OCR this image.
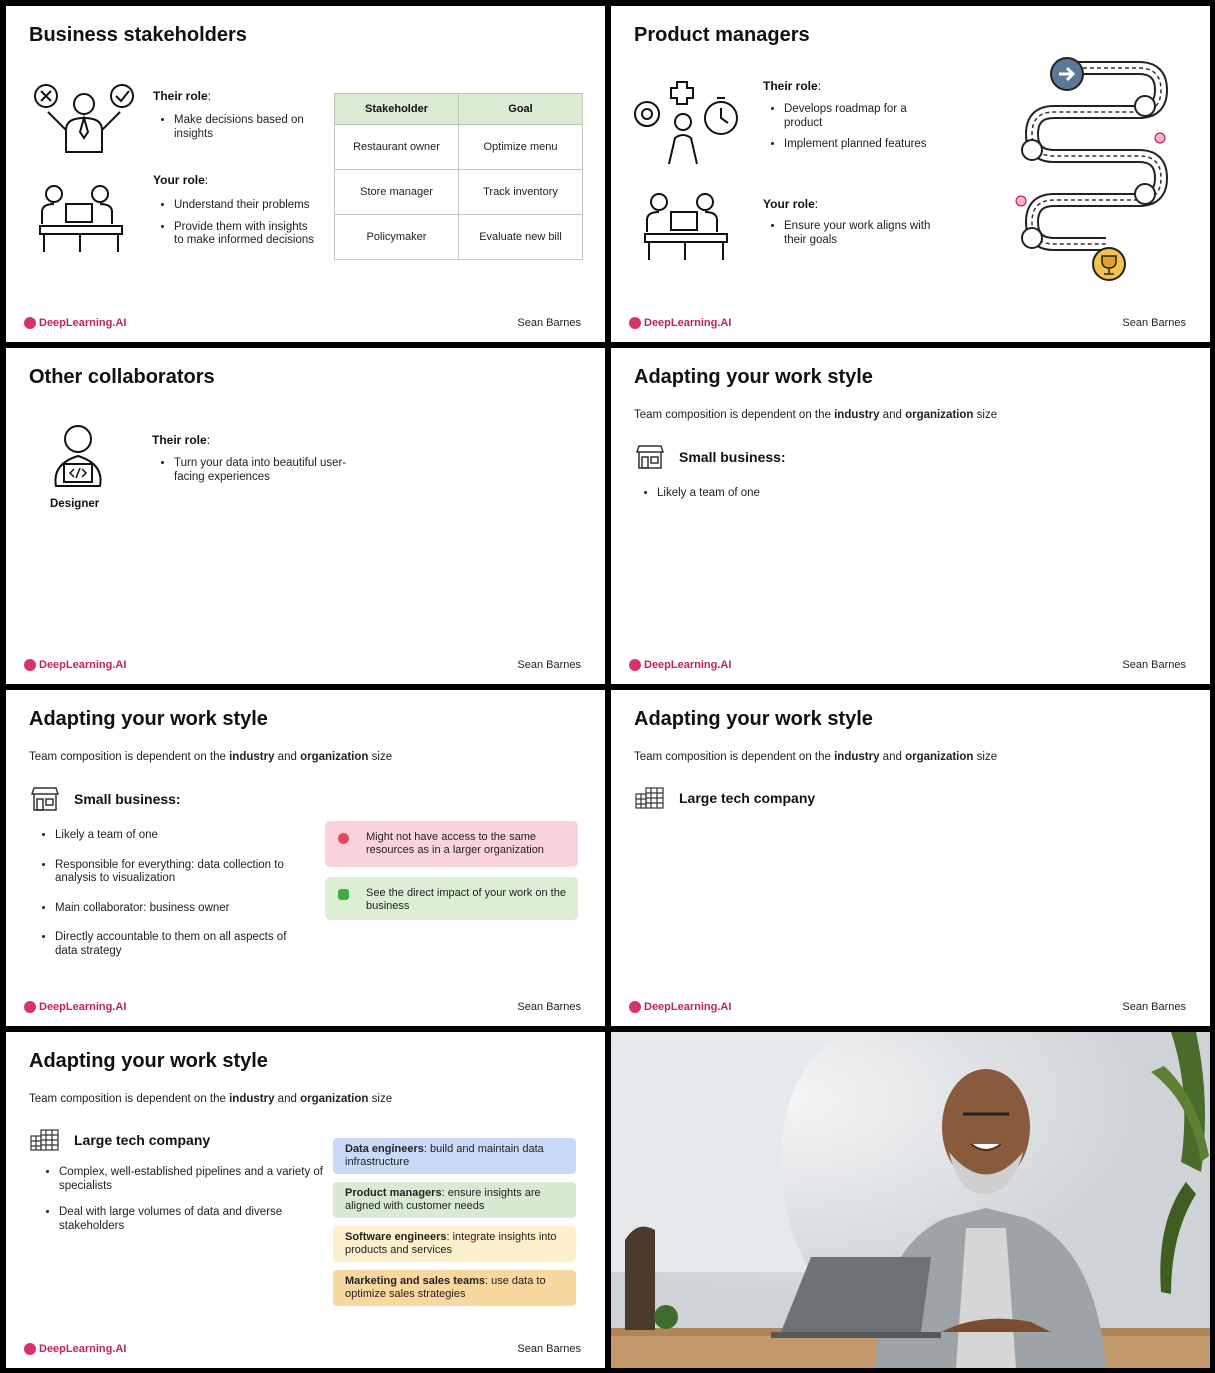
Business stakeholders
Their role:
• Make decisions based on insights
Your role:
• Understand their problems
• Provide them with insights to make informed decisions
Stakeholder	Goal
Restaurant owner	Optimize menu
Store manager	Track inventory
Policymaker	Evaluate new bill
DeepLearning.AI	Sean Barnes
Product managers
Their role:
• Develops roadmap for a product
• Implement planned features
Your role:
• Ensure your work aligns with their goals
DeepLearning.AI	Sean Barnes
Other collaborators
Designer
Their role:
• Turn your data into beautiful user-facing experiences
DeepLearning.AI	Sean Barnes
Adapting your work style
Team composition is dependent on the industry and organization size
Small business:
• Likely a team of one
DeepLearning.AI	Sean Barnes
Adapting your work style
Team composition is dependent on the industry and organization size
Small business:
• Likely a team of one
• Responsible for everything: data collection to analysis to visualization
• Main collaborator: business owner
• Directly accountable to them on all aspects of data strategy
Might not have access to the same resources as in a larger organization
See the direct impact of your work on the business
DeepLearning.AI	Sean Barnes
Adapting your work style
Team composition is dependent on the industry and organization size
Large tech company
DeepLearning.AI	Sean Barnes
Adapting your work style
Team composition is dependent on the industry and organization size
Large tech company
• Complex, well-established pipelines and a variety of specialists
• Deal with large volumes of data and diverse stakeholders
Data engineers: build and maintain data infrastructure
Product managers: ensure insights are aligned with customer needs
Software engineers: integrate insights into products and services
Marketing and sales teams: use data to optimize sales strategies
DeepLearning.AI	Sean Barnes
